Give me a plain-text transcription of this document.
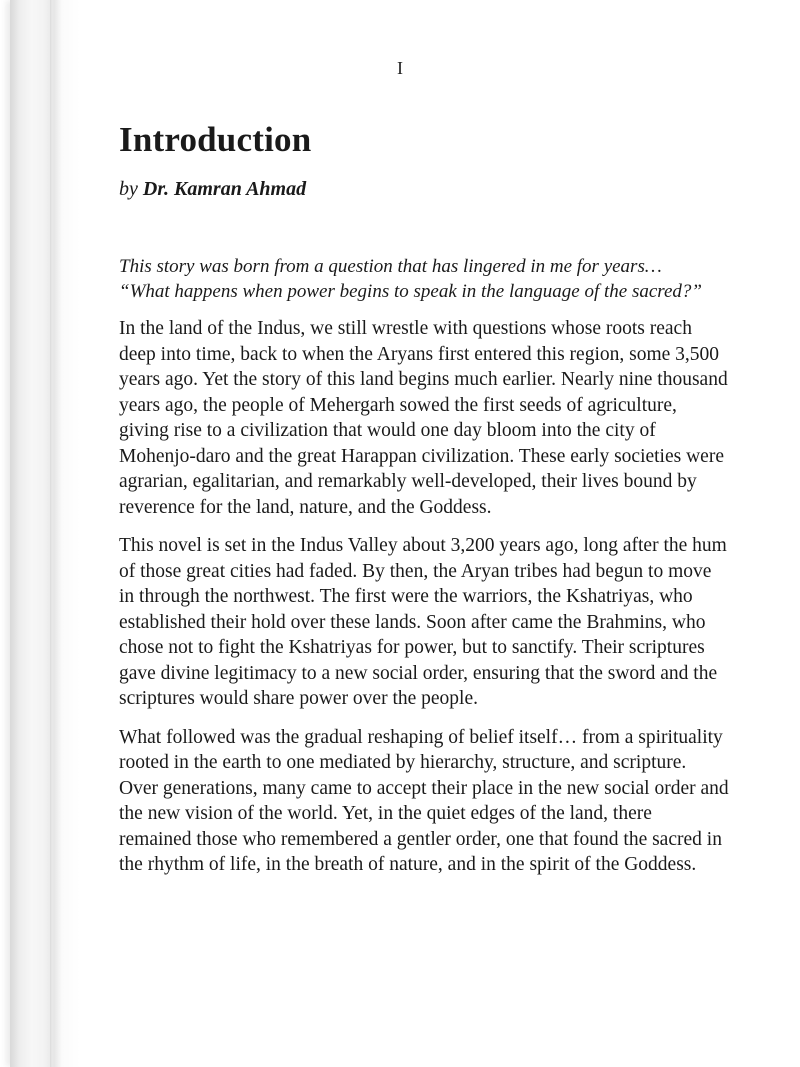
I
Introduction
by Dr. Kamran Ahmad

This story was born from a question that has lingered in me for years…
“What happens when power begins to speak in the language of the sacred?”

In the land of the Indus, we still wrestle with questions whose roots reach deep into time, back to when the Aryans first entered this region, some 3,500 years ago. Yet the story of this land begins much earlier. Nearly nine thousand years ago, the people of Mehergarh sowed the first seeds of agriculture, giving rise to a civilization that would one day bloom into the city of Mohenjo-daro and the great Harappan civilization. These early societies were agrarian, egalitarian, and remarkably well-developed, their lives bound by reverence for the land, nature, and the Goddess.

This novel is set in the Indus Valley about 3,200 years ago, long after the hum of those great cities had faded. By then, the Aryan tribes had begun to move in through the northwest. The first were the warriors, the Kshatriyas, who established their hold over these lands. Soon after came the Brahmins, who chose not to fight the Kshatriyas for power, but to sanctify. Their scriptures gave divine legitimacy to a new social order, ensuring that the sword and the scriptures would share power over the people.

What followed was the gradual reshaping of belief itself… from a spirituality rooted in the earth to one mediated by hierarchy, structure, and scripture. Over generations, many came to accept their place in the new social order and the new vision of the world. Yet, in the quiet edges of the land, there remained those who remembered a gentler order, one that found the sacred in the rhythm of life, in the breath of nature, and in the spirit of the Goddess.
